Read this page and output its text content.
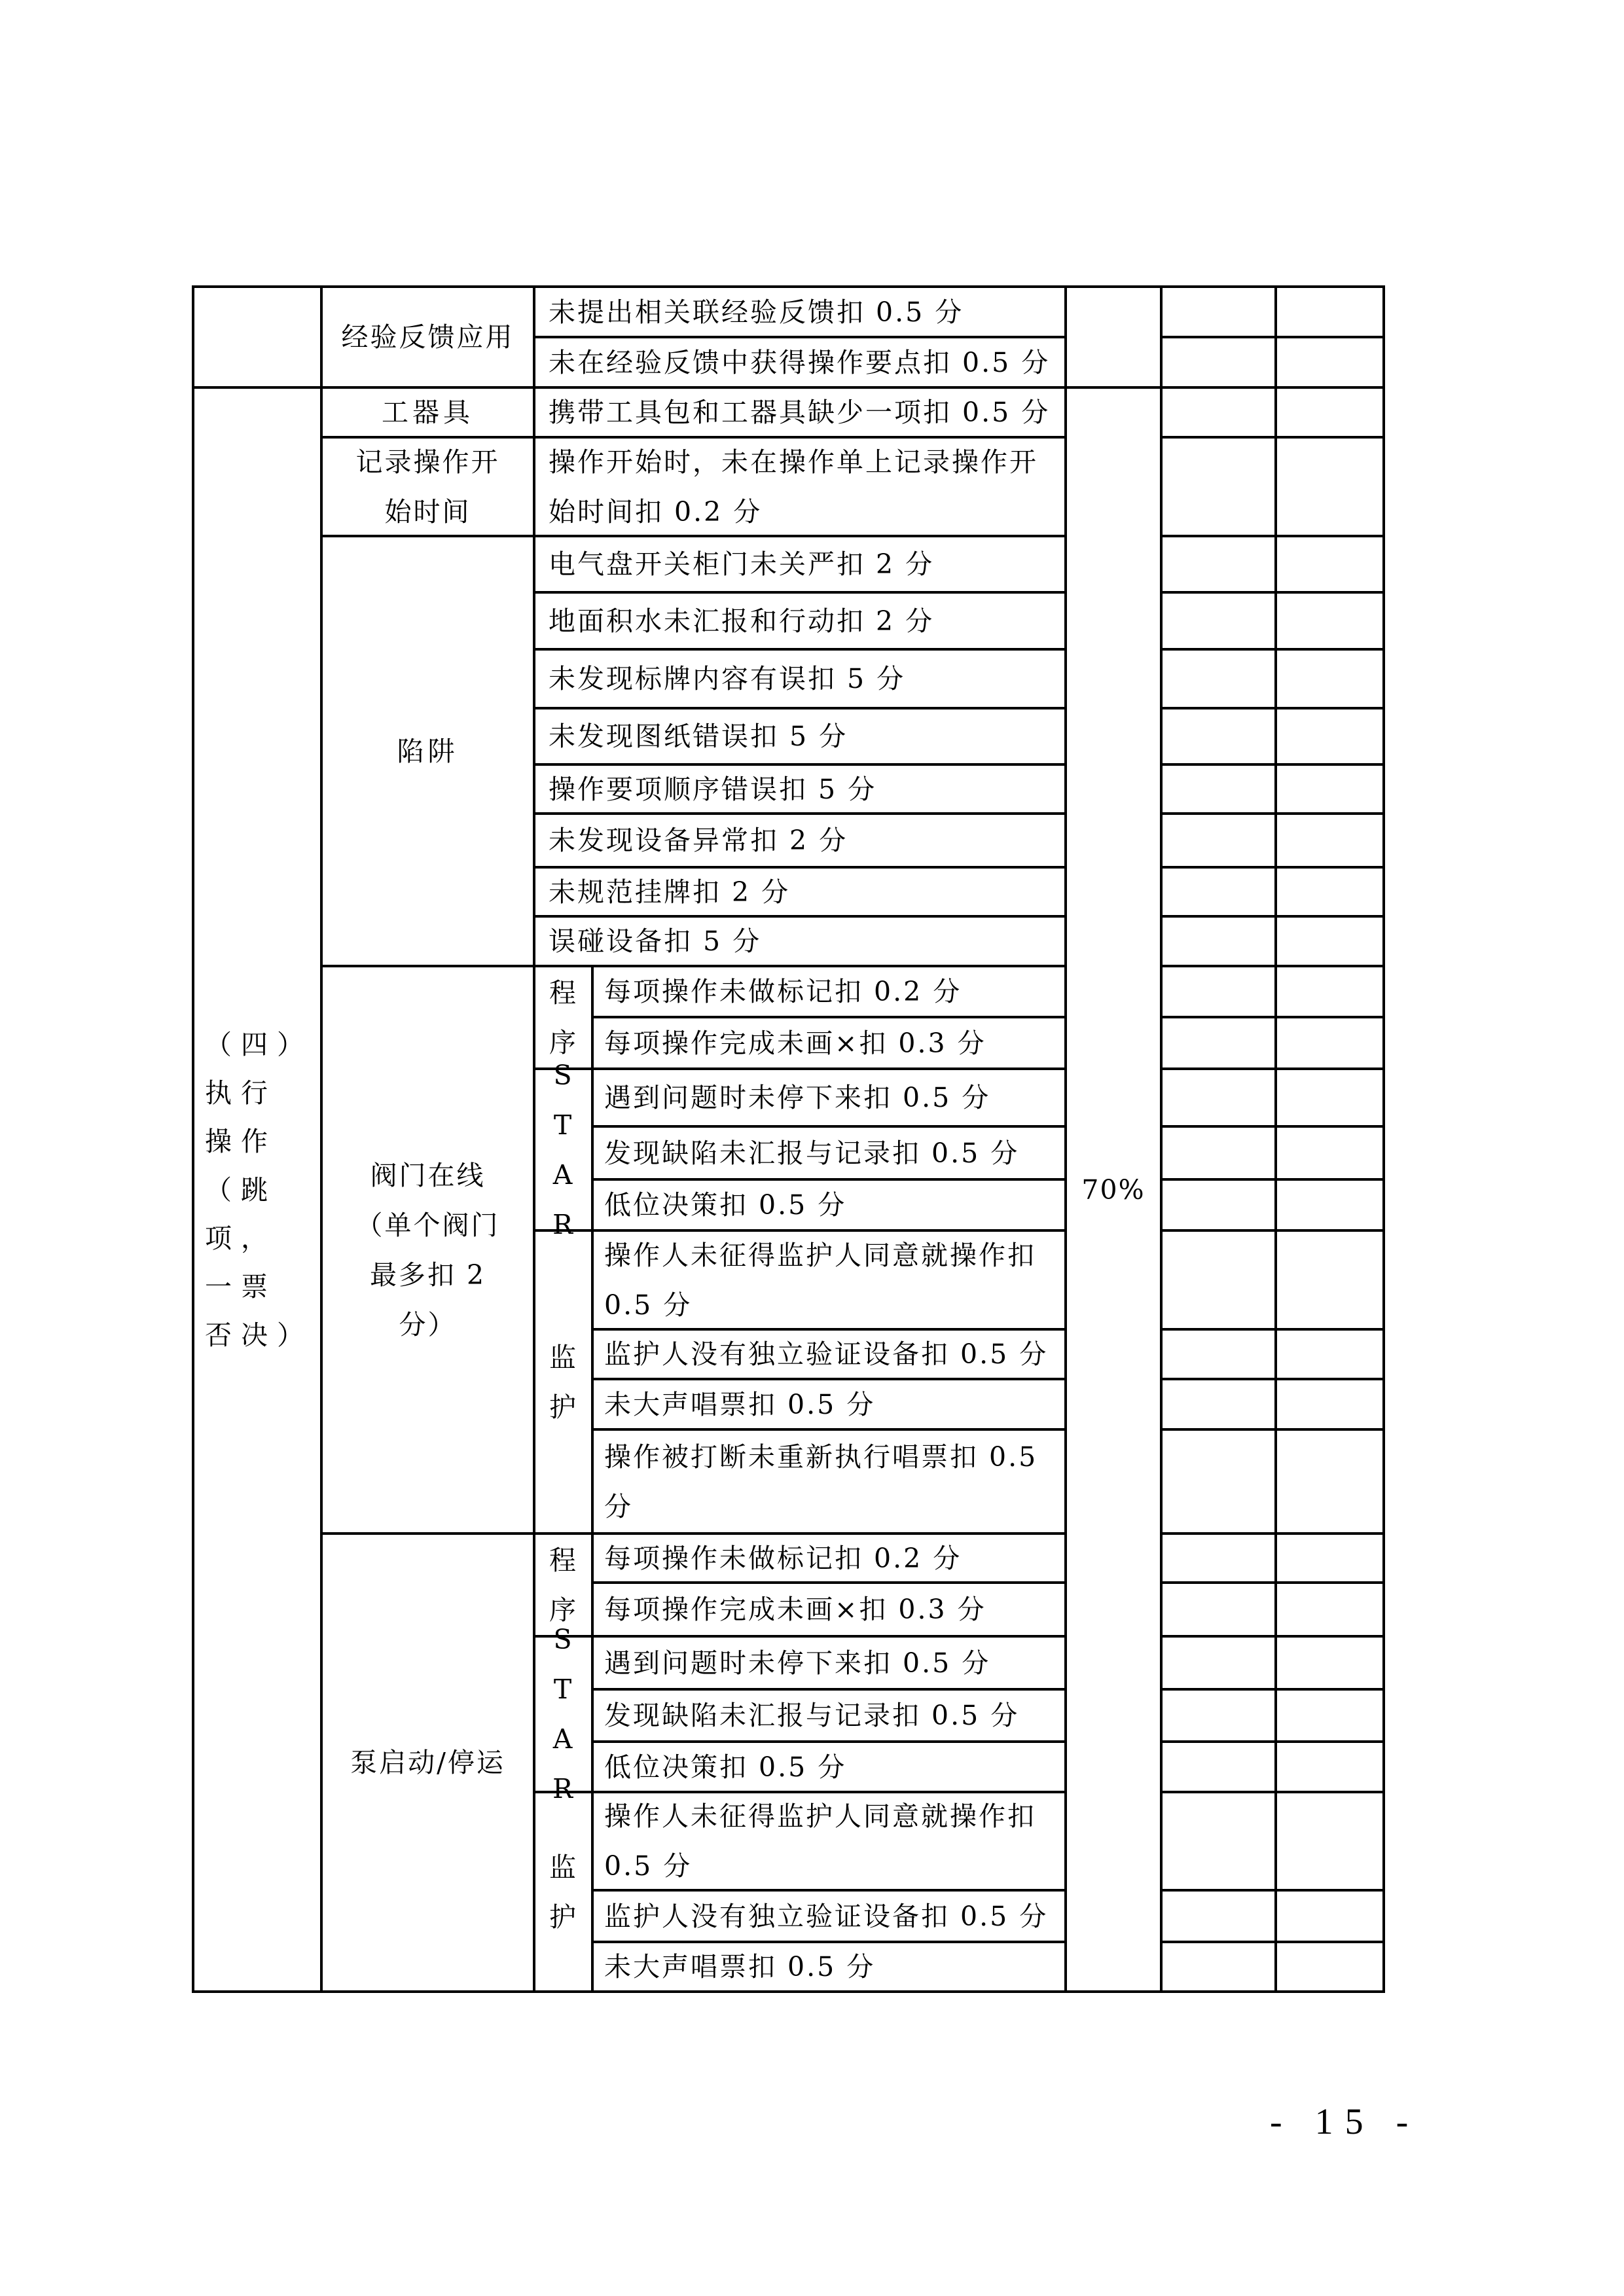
经验反馈应用
未提出相关联经验反馈扣 0.5 分
未在经验反馈中获得操作要点扣 0.5 分
（四）执行操作（跳项，一票否决）
70%
工器具	携带工具包和工器具缺少一项扣 0.5 分
记录操作开始时间
操作开始时，未在操作单上记录操作开始时间扣 0.2 分
陷阱
电气盘开关柜门未关严扣 2 分
地面积水未汇报和行动扣 2 分
未发现标牌内容有误扣 5 分
未发现图纸错误扣 5 分
操作要项顺序错误扣 5 分
未发现设备异常扣 2 分
未规范挂牌扣 2 分
误碰设备扣 5 分
阀门在线（单个阀门最多扣 2 分）
程序
每项操作未做标记扣 0.2 分
每项操作完成未画×扣 0.3 分
STAR
遇到问题时未停下来扣 0.5 分
发现缺陷未汇报与记录扣 0.5 分
低位决策扣 0.5 分
监护
操作人未征得监护人同意就操作扣 0.5 分
监护人没有独立验证设备扣 0.5 分
未大声唱票扣 0.5 分
操作被打断未重新执行唱票扣 0.5 分
泵启动/停运
程序
每项操作未做标记扣 0.2 分
每项操作完成未画×扣 0.3 分
STAR
遇到问题时未停下来扣 0.5 分
发现缺陷未汇报与记录扣 0.5 分
低位决策扣 0.5 分
监护
操作人未征得监护人同意就操作扣 0.5 分
监护人没有独立验证设备扣 0.5 分
未大声唱票扣 0.5 分
- 15 -
